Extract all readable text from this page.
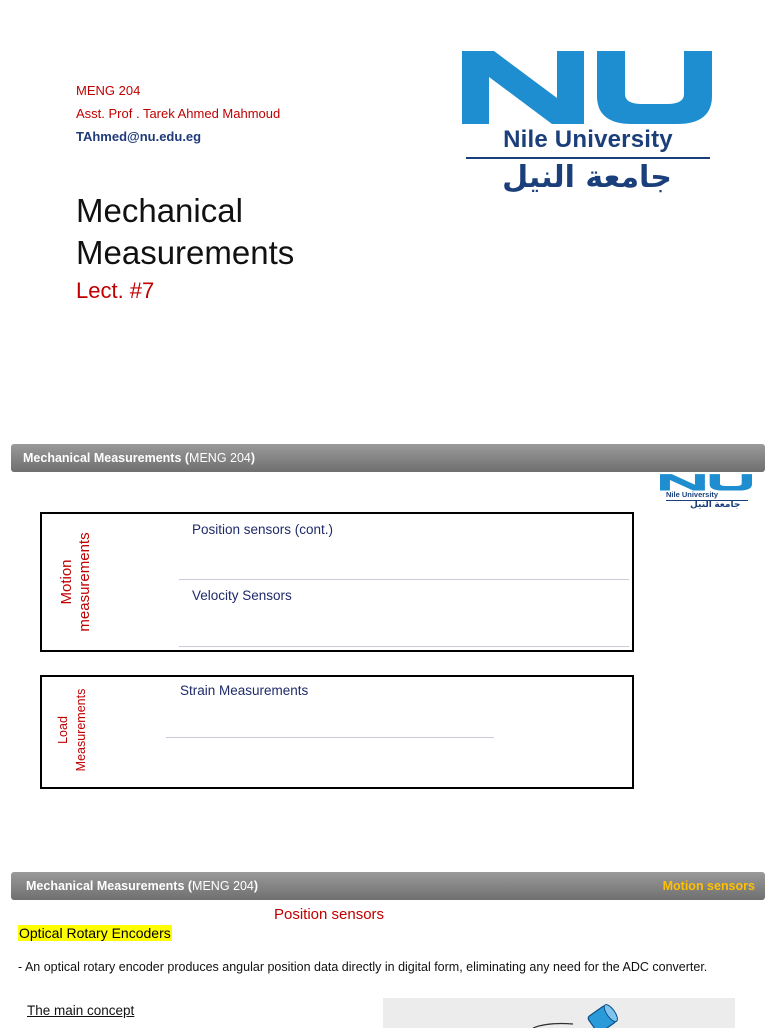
MENG 204
Asst. Prof . Tarek Ahmed Mahmoud
TAhmed@nu.edu.eg
Mechanical
Measurements
Lect. #7
Nile University
جامعة النيل
Mechanical Measurements (MENG 204)
Nile University
جامعة النيل
Motion measurements
Position sensors (cont.)
Velocity Sensors
Load Measurements	Strain Measurements
Mechanical Measurements (MENG 204)	Motion sensors
Position sensors
Optical Rotary Encoders
- An optical rotary encoder produces angular position data directly in digital form, eliminating any need for the ADC converter.
The main concept
